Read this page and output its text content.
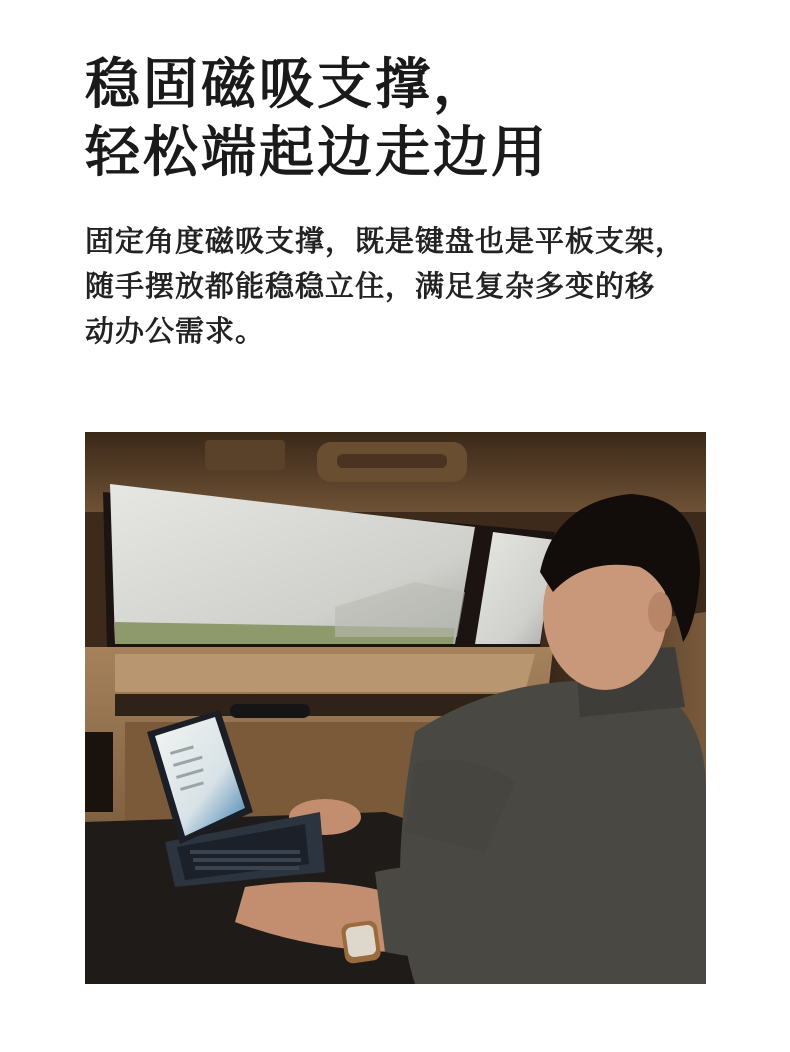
稳固磁吸支撑，
轻松端起边走边用

固定角度磁吸支撑，既是键盘也是平板支架，
随手摆放都能稳稳立住，满足复杂多变的移
动办公需求。
